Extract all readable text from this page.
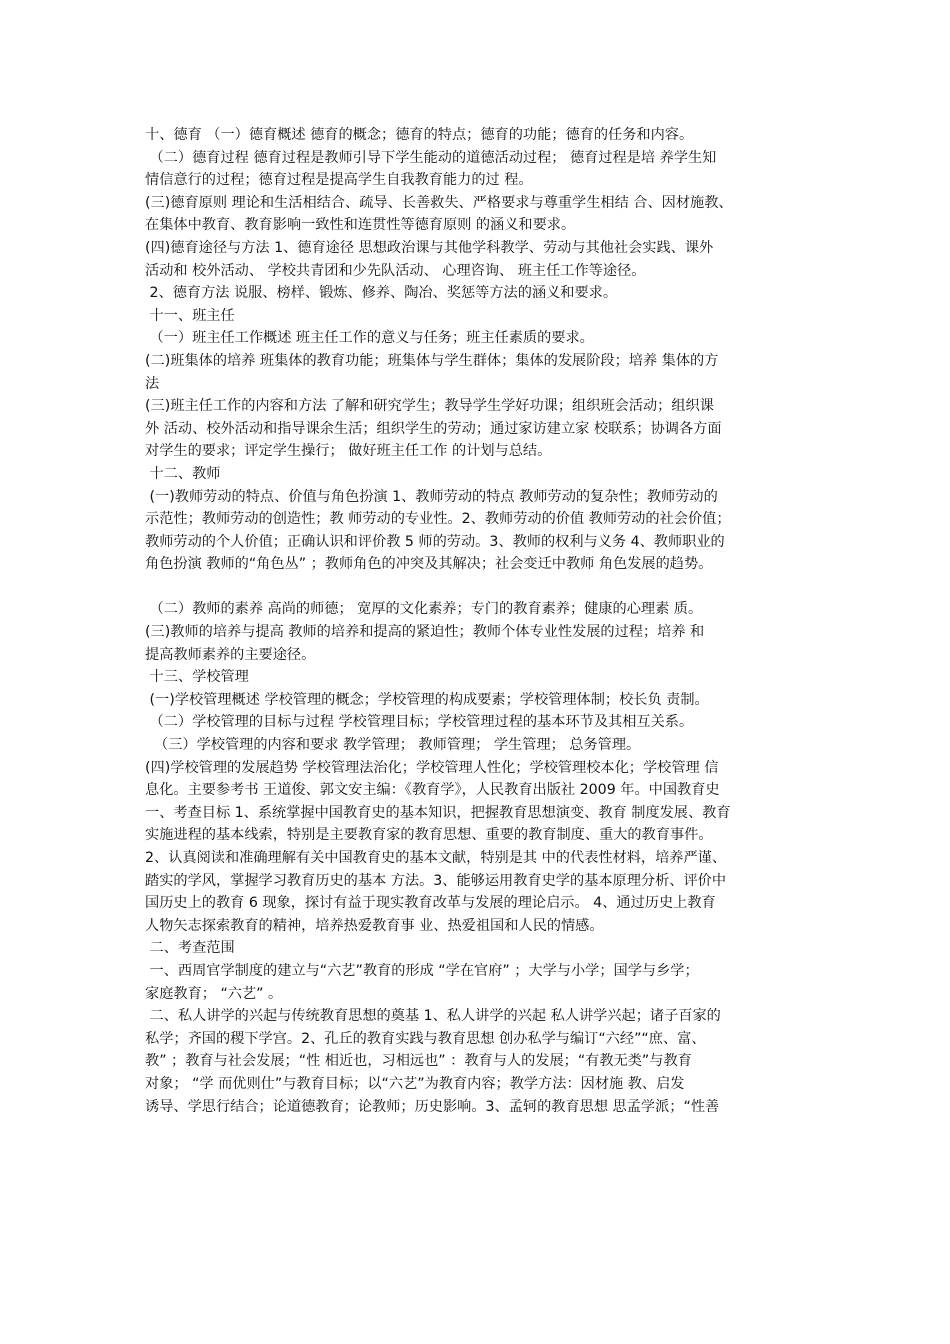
十、德育 （一）德育概述 德育的概念；德育的特点；德育的功能；德育的任务和内容。
（二）德育过程 德育过程是教师引导下学生能动的道德活动过程； 德育过程是培 养学生知
情信意行的过程；德育过程是提高学生自我教育能力的过 程。
(三)德育原则 理论和生活相结合、疏导、长善救失、严格要求与尊重学生相结 合、因材施教、
在集体中教育、教育影响一致性和连贯性等德育原则 的涵义和要求。
(四)德育途径与方法 1、德育途径 思想政治课与其他学科教学、劳动与其他社会实践、课外
活动和 校外活动、 学校共青团和少先队活动、 心理咨询、 班主任工作等途径。
2、德育方法 说服、榜样、锻炼、修养、陶冶、奖惩等方法的涵义和要求。
十一、班主任
（一）班主任工作概述 班主任工作的意义与任务；班主任素质的要求。
(二)班集体的培养 班集体的教育功能；班集体与学生群体；集体的发展阶段；培养 集体的方
法
(三)班主任工作的内容和方法 了解和研究学生；教导学生学好功课；组织班会活动；组织课
外 活动、校外活动和指导课余生活；组织学生的劳动；通过家访建立家 校联系；协调各方面
对学生的要求；评定学生操行； 做好班主任工作 的计划与总结。
十二、教师
(一)教师劳动的特点、价值与角色扮演 1、教师劳动的特点 教师劳动的复杂性；教师劳动的
示范性；教师劳动的创造性；教 师劳动的专业性。2、教师劳动的价值 教师劳动的社会价值；
教师劳动的个人价值；正确认识和评价教 5 师的劳动。3、教师的权利与义务 4、教师职业的
角色扮演 教师的“角色丛” ；教师角色的冲突及其解决；社会变迁中教师 角色发展的趋势。
（二）教师的素养 高尚的师德； 宽厚的文化素养；专门的教育素养；健康的心理素 质。
(三)教师的培养与提高 教师的培养和提高的紧迫性；教师个体专业性发展的过程；培养 和
提高教师素养的主要途径。
十三、学校管理
(一)学校管理概述 学校管理的概念；学校管理的构成要素；学校管理体制；校长负 责制。
（二）学校管理的目标与过程 学校管理目标；学校管理过程的基本环节及其相互关系。
（三）学校管理的内容和要求 教学管理； 教师管理； 学生管理； 总务管理。
(四)学校管理的发展趋势 学校管理法治化；学校管理人性化；学校管理校本化；学校管理 信
息化。主要参考书 王道俊、郭文安主编：《教育学》，人民教育出版社 2009 年。中国教育史
一、考查目标 1、系统掌握中国教育史的基本知识，把握教育思想演变、教育 制度发展、教育
实施进程的基本线索，特别是主要教育家的教育思想、重要的教育制度、重大的教育事件。
2、认真阅读和准确理解有关中国教育史的基本文献，特别是其 中的代表性材料，培养严谨、
踏实的学风，掌握学习教育历史的基本 方法。3、能够运用教育史学的基本原理分析、评价中
国历史上的教育 6 现象，探讨有益于现实教育改革与发展的理论启示。 4、通过历史上教育
人物矢志探索教育的精神，培养热爱教育事 业、热爱祖国和人民的情感。
二、考查范围
一、西周官学制度的建立与“六艺”教育的形成 “学在官府” ；大学与小学；国学与乡学；
家庭教育； “六艺” 。
二、私人讲学的兴起与传统教育思想的奠基 1、私人讲学的兴起 私人讲学兴起；诸子百家的
私学；齐国的稷下学宫。2、孔丘的教育实践与教育思想 创办私学与编订“六经”“庶、富、
教” ；教育与社会发展；“性 相近也，习相远也” ：教育与人的发展；“有教无类”与教育
对象； “学 而优则仕”与教育目标；以“六艺”为教育内容；教学方法：因材施 教、启发
诱导、学思行结合；论道德教育；论教师；历史影响。3、孟轲的教育思想 思孟学派；“性善
